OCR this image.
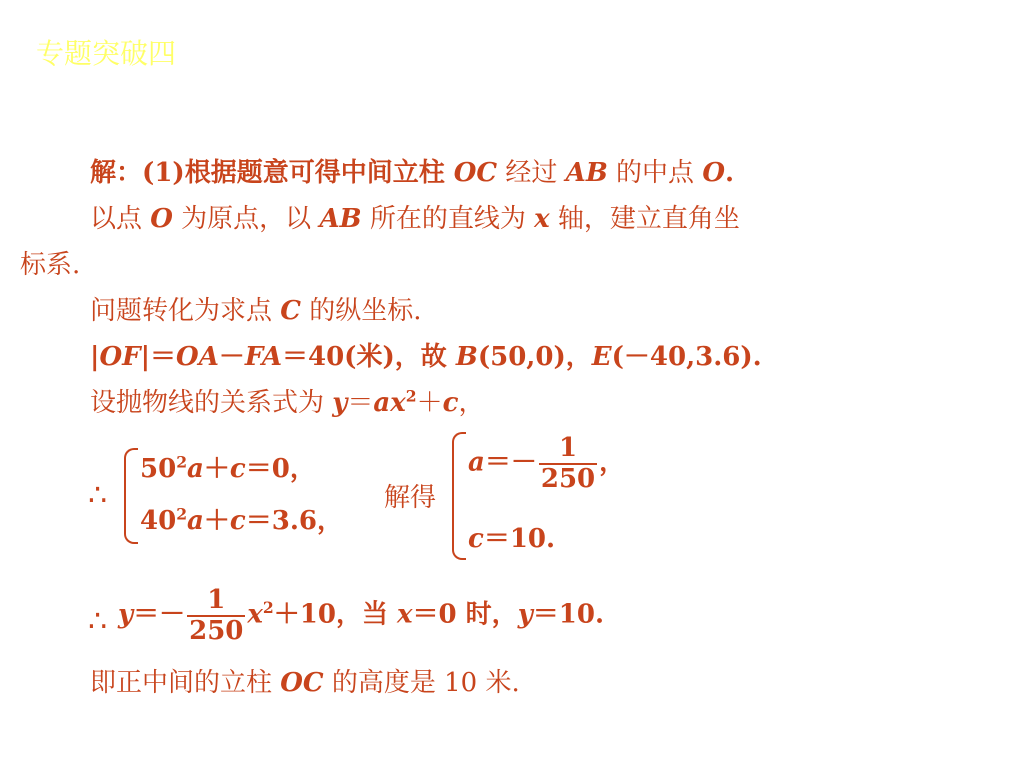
专题突破四
解：(1)根据题意可得中间立柱 OC 经过 AB 的中点 O.
以点 O 为原点，以 AB 所在的直线为 x 轴，建立直角坐
标系.
问题转化为求点 C 的纵坐标.
|OF|＝OA－FA＝40(米)，故 B(50,0)，E(－40,3.6).
设抛物线的关系式为 $y=ax^2+c$，
∴
$50^2a+c=0$，
$40^2a+c=3.6$，
解得
$a=- \frac{1}{250}$ ，
c＝10.
∴ $y=- \frac{1}{250} x^2+10$，当 x＝0 时，y＝10.
即正中间的立柱 OC 的高度是 10 米.
